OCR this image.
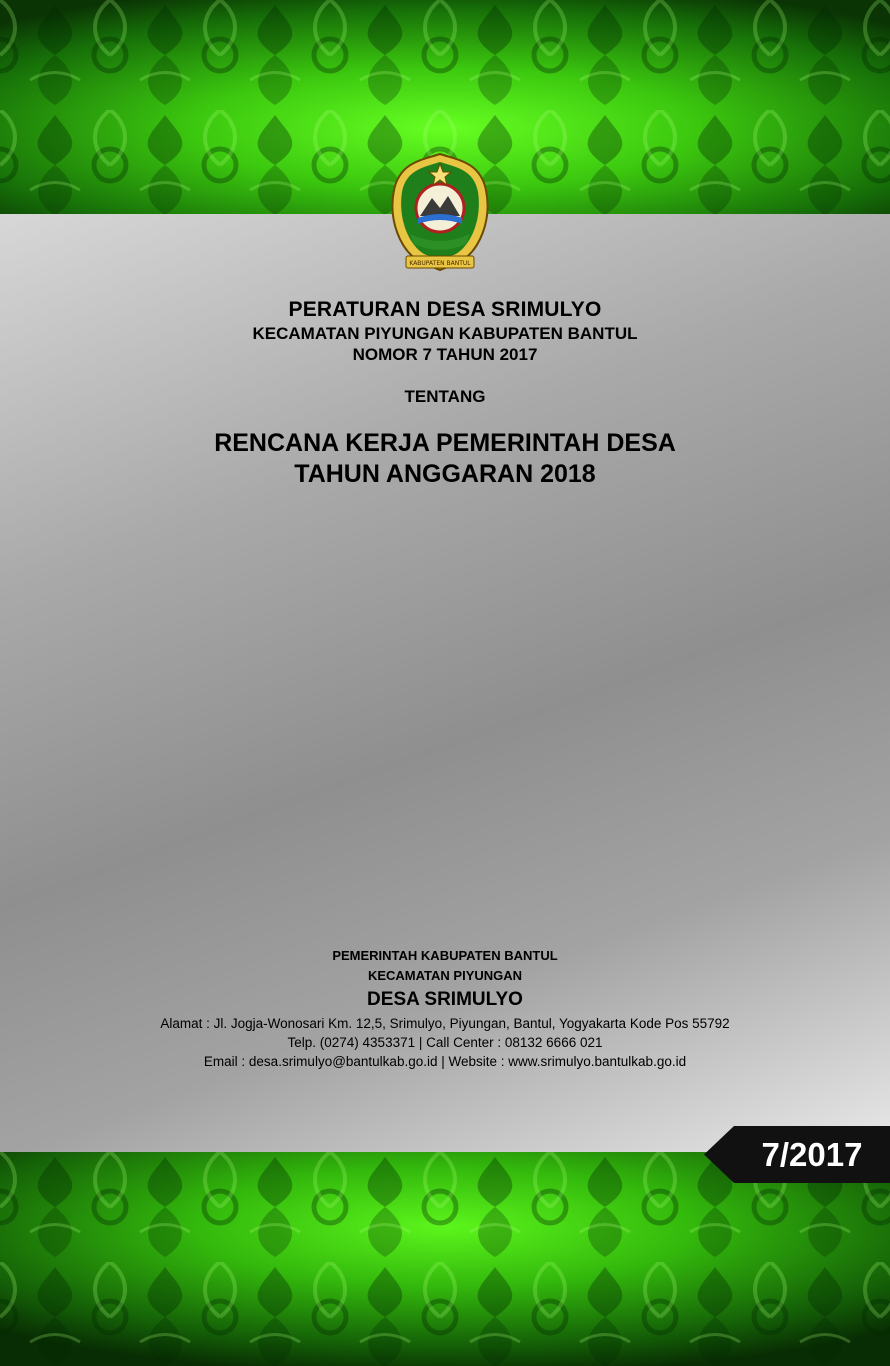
KABUPATEN BANTUL
PERATURAN DESA SRIMULYO
KECAMATAN PIYUNGAN KABUPATEN BANTUL
NOMOR 7 TAHUN 2017
TENTANG
RENCANA KERJA PEMERINTAH DESA
TAHUN ANGGARAN 2018
PEMERINTAH KABUPATEN BANTUL
KECAMATAN PIYUNGAN
DESA SRIMULYO
Alamat : Jl. Jogja-Wonosari Km. 12,5, Srimulyo, Piyungan, Bantul, Yogyakarta Kode Pos 55792
Telp. (0274) 4353371 | Call Center : 08132 6666 021
Email : desa.srimulyo@bantulkab.go.id | Website : www.srimulyo.bantulkab.go.id
7/2017
